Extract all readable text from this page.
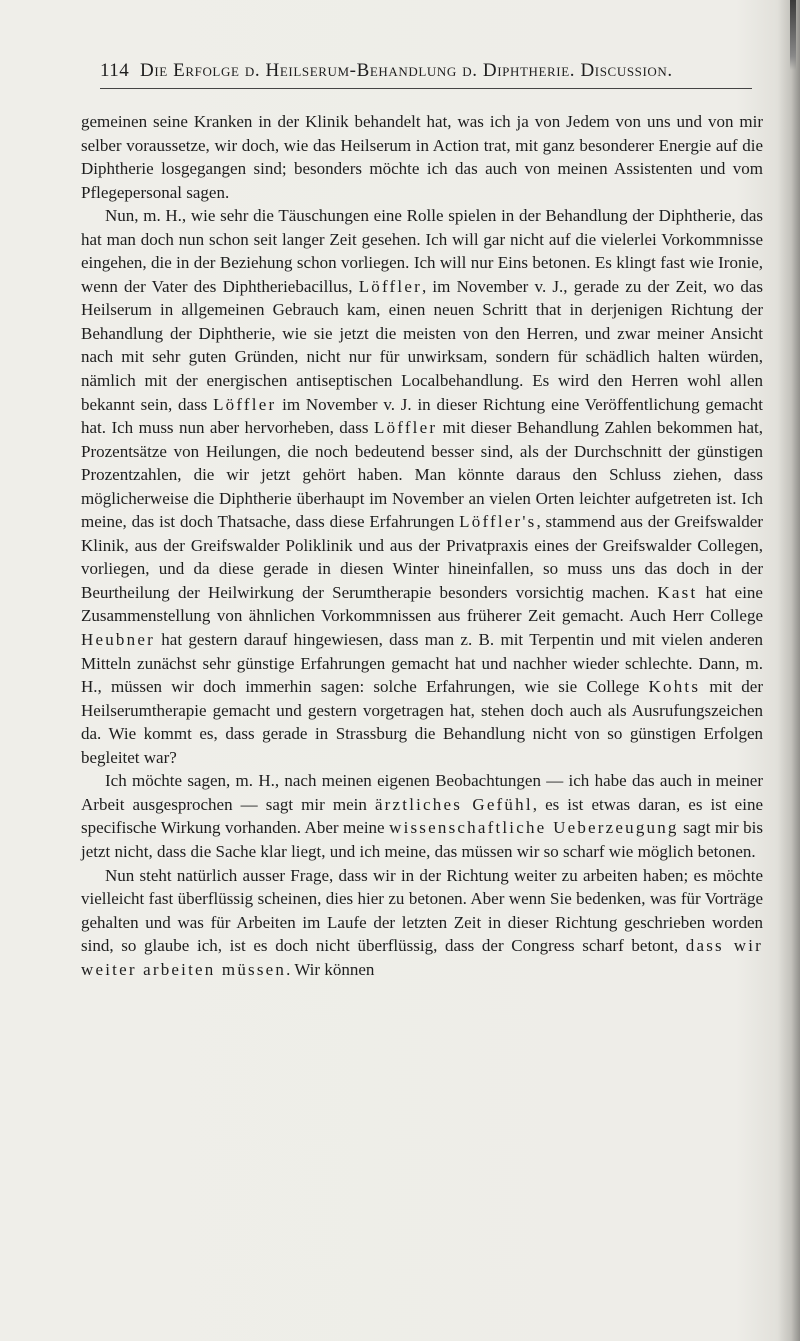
114 Die Erfolge d. Heilserum-Behandlung d. Diphtherie. Discussion.

gemeinen seine Kranken in der Klinik behandelt hat, was ich ja von Jedem von uns und von mir selber voraussetze, wir doch, wie das Heilserum in Action trat, mit ganz besonderer Energie auf die Diphtherie losgegangen sind; besonders möchte ich das auch von meinen Assistenten und vom Pflegepersonal sagen.

Nun, m. H., wie sehr die Täuschungen eine Rolle spielen in der Behandlung der Diphtherie, das hat man doch nun schon seit langer Zeit gesehen. Ich will gar nicht auf die vielerlei Vorkommnisse eingehen, die in der Beziehung schon vorliegen. Ich will nur Eins betonen. Es klingt fast wie Ironie, wenn der Vater des Diphtheriebacillus, Löffler, im November v. J., gerade zu der Zeit, wo das Heilserum in allgemeinen Gebrauch kam, einen neuen Schritt that in derjenigen Richtung der Behandlung der Diphtherie, wie sie jetzt die meisten von den Herren, und zwar meiner Ansicht nach mit sehr guten Gründen, nicht nur für unwirksam, sondern für schädlich halten würden, nämlich mit der energischen antiseptischen Localbehandlung. Es wird den Herren wohl allen bekannt sein, dass Löffler im November v. J. in dieser Richtung eine Veröffentlichung gemacht hat. Ich muss nun aber hervorheben, dass Löffler mit dieser Behandlung Zahlen bekommen hat, Prozentsätze von Heilungen, die noch bedeutend besser sind, als der Durchschnitt der günstigen Prozentzahlen, die wir jetzt gehört haben. Man könnte daraus den Schluss ziehen, dass möglicherweise die Diphtherie überhaupt im November an vielen Orten leichter aufgetreten ist. Ich meine, das ist doch Thatsache, dass diese Erfahrungen Löffler's, stammend aus der Greifswalder Klinik, aus der Greifswalder Poliklinik und aus der Privatpraxis eines der Greifswalder Collegen, vorliegen, und da diese gerade in diesen Winter hineinfallen, so muss uns das doch in der Beurtheilung der Heilwirkung der Serumtherapie besonders vorsichtig machen. Kast hat eine Zusammenstellung von ähnlichen Vorkommnissen aus früherer Zeit gemacht. Auch Herr College Heubner hat gestern darauf hingewiesen, dass man z. B. mit Terpentin und mit vielen anderen Mitteln zunächst sehr günstige Erfahrungen gemacht hat und nachher wieder schlechte. Dann, m. H., müssen wir doch immerhin sagen: solche Erfahrungen, wie sie College Kohts mit der Heilserumtherapie gemacht und gestern vorgetragen hat, stehen doch auch als Ausrufungszeichen da. Wie kommt es, dass gerade in Strassburg die Behandlung nicht von so günstigen Erfolgen begleitet war?

Ich möchte sagen, m. H., nach meinen eigenen Beobachtungen — ich habe das auch in meiner Arbeit ausgesprochen — sagt mir mein ärztliches Gefühl, es ist etwas daran, es ist eine specifische Wirkung vorhanden. Aber meine wissenschaftliche Ueberzeugung sagt mir bis jetzt nicht, dass die Sache klar liegt, und ich meine, das müssen wir so scharf wie möglich betonen.

Nun steht natürlich ausser Frage, dass wir in der Richtung weiter zu arbeiten haben; es möchte vielleicht fast überflüssig scheinen, dies hier zu betonen. Aber wenn Sie bedenken, was für Vorträge gehalten und was für Arbeiten im Laufe der letzten Zeit in dieser Richtung geschrieben worden sind, so glaube ich, ist es doch nicht überflüssig, dass der Congress scharf betont, dass wir weiter arbeiten müssen. Wir können
